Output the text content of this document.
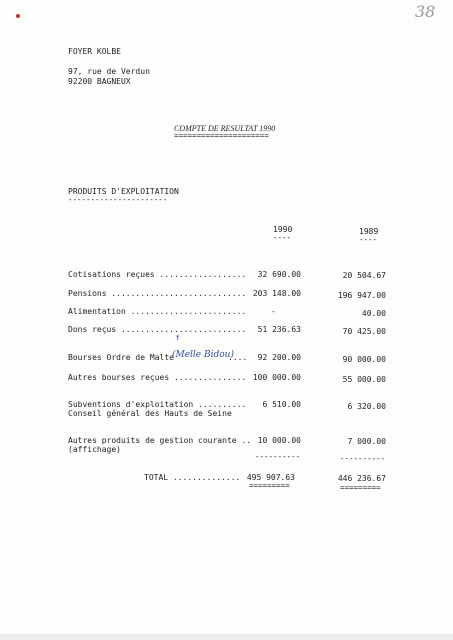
38
FOYER KOLBE
97, rue de Verdun
92200 BAGNEUX
COMPTE DE RESULTAT 1990
=====================
PRODUITS D'EXPLOITATION
----------------------
1990
----
1989
----
Cotisations reçues .................. 32 690.00	20 504.67
Pensions ............................ 203 148.00	196 947.00
Alimentation ........................	-	40.00
Dons reçus .......................... 51 236.63	70 425.00
↑
Bourses Ordre de Malte
(Melle Bidou)
.... 92 200.00	90 000.00
Autres bourses reçues ............... 100 000.00	55 000.00
Subventions d'exploitation ..........
Conseil général des Hauts de Seine
6 510.00	6 320.00
Autres produits de gestion courante ..
(affichage)
10 000.00	7 000.00
----------	----------
TOTAL .............. 495 907.63	446 236.67
=========	=========
